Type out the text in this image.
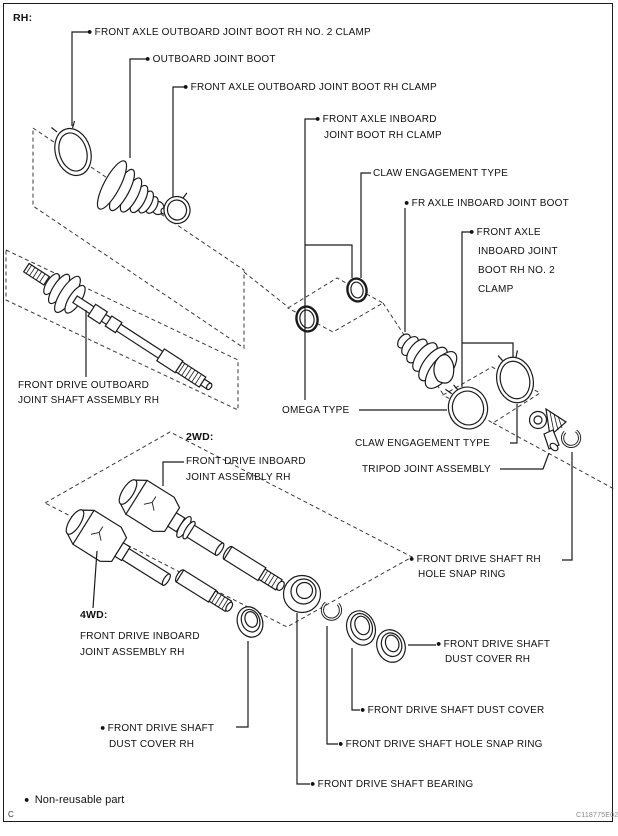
RH:
2WD:
4WD:
● FRONT AXLE OUTBOARD JOINT BOOT RH NO. 2 CLAMP
● OUTBOARD JOINT BOOT
● FRONT AXLE OUTBOARD JOINT BOOT RH CLAMP
● FRONT AXLE INBOARD
JOINT BOOT RH CLAMP
CLAW ENGAGEMENT TYPE
● FR AXLE INBOARD JOINT BOOT
● FRONT AXLE
INBOARD JOINT
BOOT RH NO. 2
CLAMP
FRONT DRIVE OUTBOARD
JOINT SHAFT ASSEMBLY RH
OMEGA TYPE
CLAW ENGAGEMENT TYPE
TRIPOD JOINT ASSEMBLY
FRONT DRIVE INBOARD
JOINT ASSEMBLY RH
FRONT DRIVE INBOARD
JOINT ASSEMBLY RH
● FRONT DRIVE SHAFT RH
HOLE SNAP RING
● FRONT DRIVE SHAFT
DUST COVER RH
● FRONT DRIVE SHAFT
DUST COVER RH
● FRONT DRIVE SHAFT DUST COVER
● FRONT DRIVE SHAFT HOLE SNAP RING
● FRONT DRIVE SHAFT BEARING
● Non-reusable part
C	C118775E02
